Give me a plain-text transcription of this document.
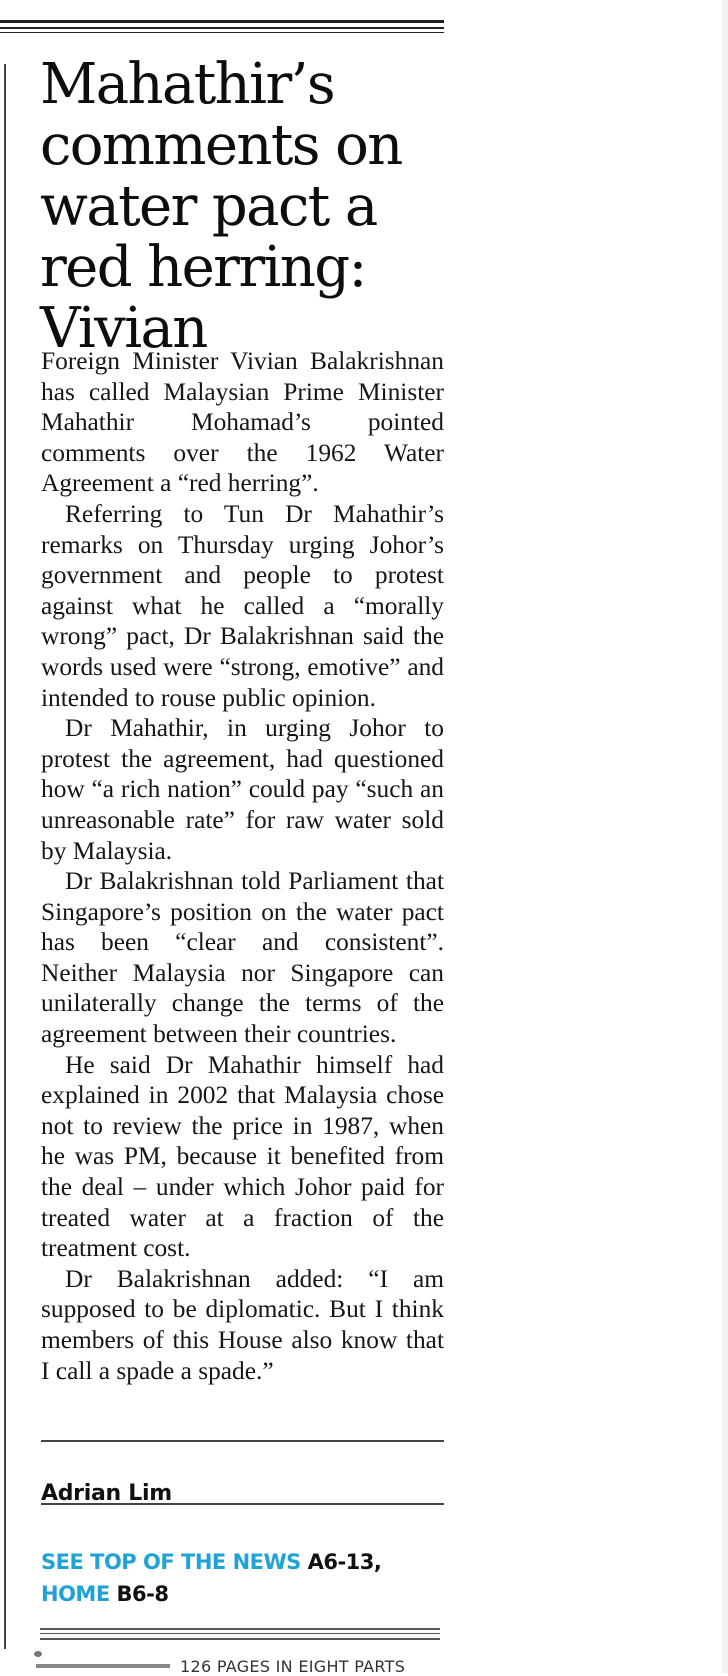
Mahathir’s comments on water pact a red herring: Vivian

Foreign Minister Vivian Balakrishnan has called Malaysian Prime Minister Mahathir Mohamad’s pointed comments over the 1962 Water Agreement a “red herring”.

Referring to Tun Dr Mahathir’s remarks on Thursday urging Johor’s government and people to protest against what he called a “morally wrong” pact, Dr Balakrishnan said the words used were “strong, emotive” and intended to rouse public opinion.

Dr Mahathir, in urging Johor to protest the agreement, had questioned how “a rich nation” could pay “such an unreasonable rate” for raw water sold by Malaysia.

Dr Balakrishnan told Parliament that Singapore’s position on the water pact has been “clear and consistent”. Neither Malaysia nor Singapore can unilaterally change the terms of the agreement between their countries.

He said Dr Mahathir himself had explained in 2002 that Malaysia chose not to review the price in 1987, when he was PM, because it benefited from the deal – under which Johor paid for treated water at a fraction of the treatment cost.

Dr Balakrishnan added: “I am supposed to be diplomatic. But I think members of this House also know that I call a spade a spade.”

Adrian Lim
SEE TOP OF THE NEWS A6-13,
HOME B6-8
126 PAGES IN EIGHT PARTS
